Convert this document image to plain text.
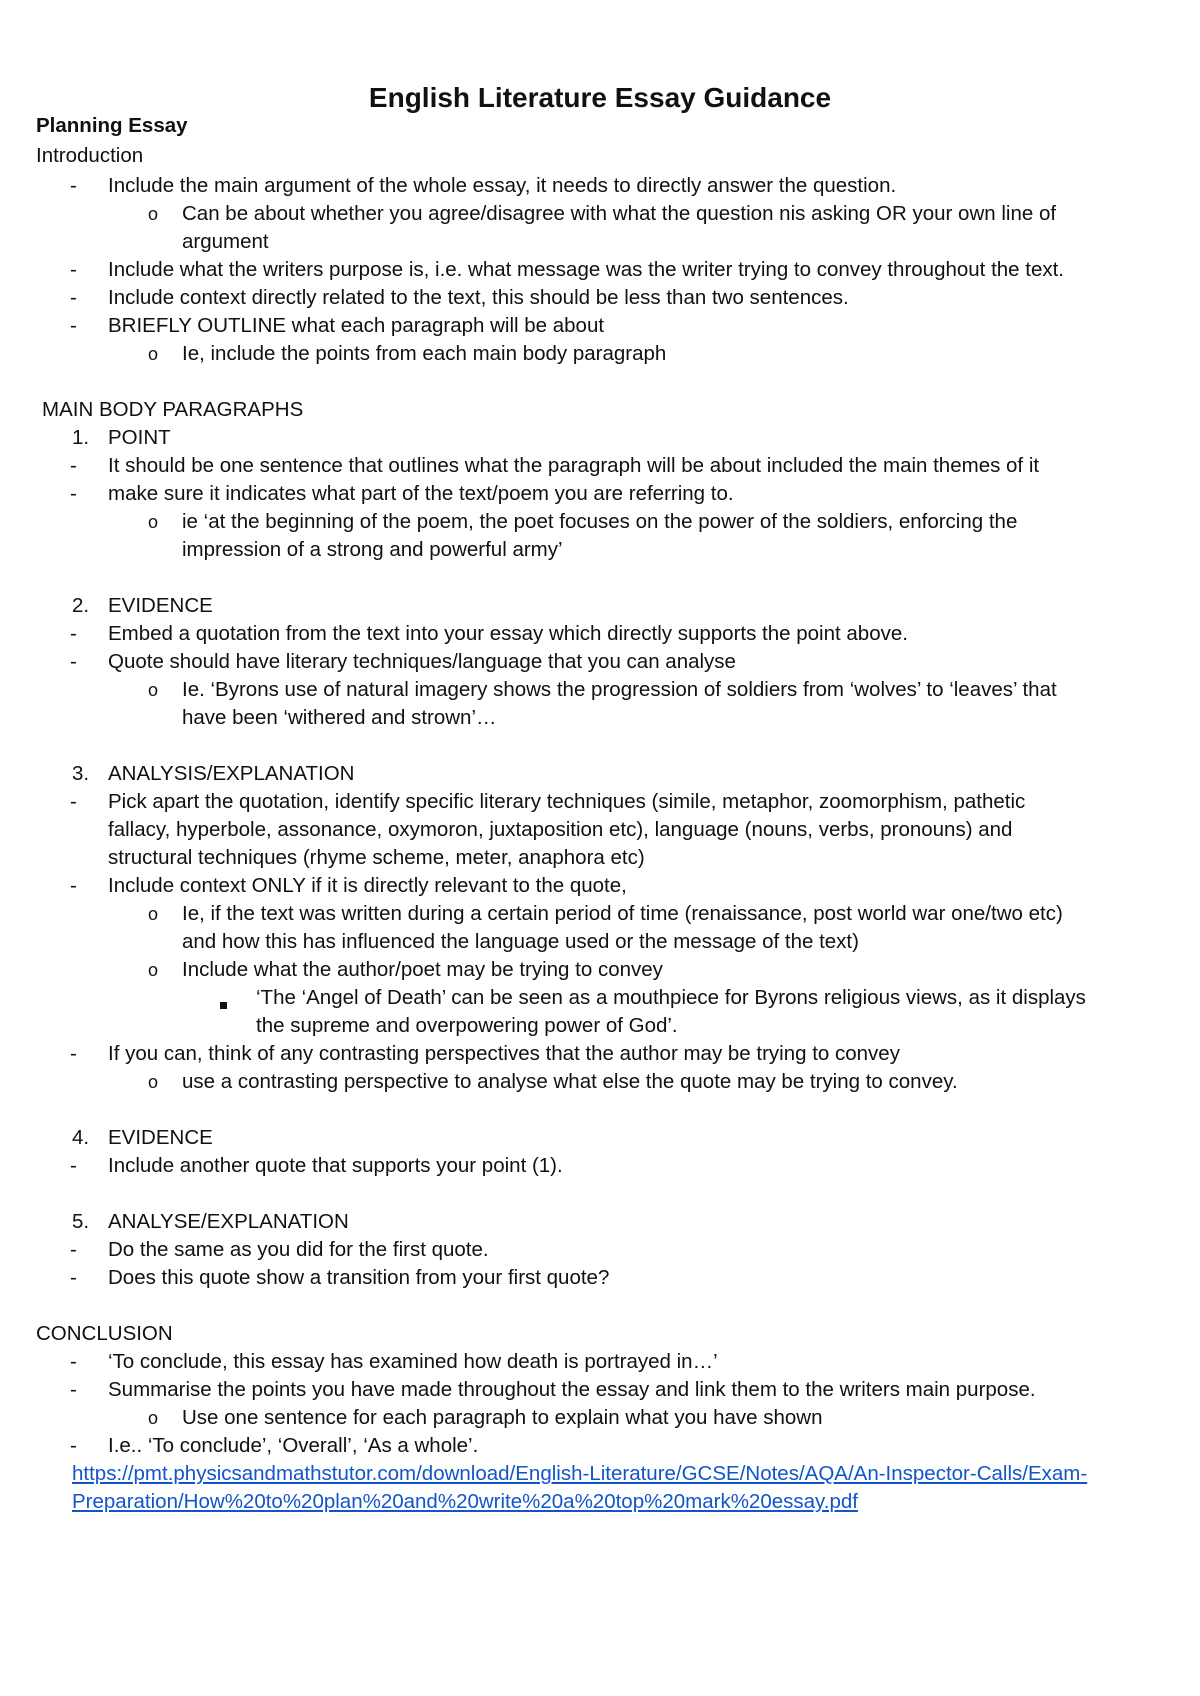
English Literature Essay Guidance
Planning Essay
Introduction
-	Include the main argument of the whole essay, it needs to directly answer the question.
o Can be about whether you agree/disagree with what the question nis asking OR your own line of
argument
-	Include what the writers purpose is, i.e. what message was the writer trying to convey throughout the text.
-	Include context directly related to the text, this should be less than two sentences.
-	BRIEFLY OUTLINE what each paragraph will be about
o Ie, include the points from each main body paragraph
MAIN BODY PARAGRAPHS
1. POINT
-	It should be one sentence that outlines what the paragraph will be about included the main themes of it
-	make sure it indicates what part of the text/poem you are referring to.
o ie ‘at the beginning of the poem, the poet focuses on the power of the soldiers, enforcing the
impression of a strong and powerful army’
2. EVIDENCE
-	Embed a quotation from the text into your essay which directly supports the point above.
-	Quote should have literary techniques/language that you can analyse
o Ie. ‘Byrons use of natural imagery shows the progression of soldiers from ‘wolves’ to ‘leaves’ that
have been ‘withered and strown’…
3. ANALYSIS/EXPLANATION
-	Pick apart the quotation, identify specific literary techniques (simile, metaphor, zoomorphism, pathetic
fallacy, hyperbole, assonance, oxymoron, juxtaposition etc), language (nouns, verbs, pronouns) and
structural techniques (rhyme scheme, meter, anaphora etc)
-	Include context ONLY if it is directly relevant to the quote,
o Ie, if the text was written during a certain period of time (renaissance, post world war one/two etc)
and how this has influenced the language used or the message of the text)
o Include what the author/poet may be trying to convey
‘The ‘Angel of Death’ can be seen as a mouthpiece for Byrons religious views, as it displays
the supreme and overpowering power of God’.
-	If you can, think of any contrasting perspectives that the author may be trying to convey
o use a contrasting perspective to analyse what else the quote may be trying to convey.
4. EVIDENCE
-	Include another quote that supports your point (1).
5. ANALYSE/EXPLANATION
-	Do the same as you did for the first quote.
-	Does this quote show a transition from your first quote?
CONCLUSION
-	‘To conclude, this essay has examined how death is portrayed in…’
-	Summarise the points you have made throughout the essay and link them to the writers main purpose.
o Use one sentence for each paragraph to explain what you have shown
-	I.e.. ‘To conclude’, ‘Overall’, ‘As a whole’.
https://pmt.physicsandmathstutor.com/download/English-Literature/GCSE/Notes/AQA/An-Inspector-Calls/Exam-
Preparation/How%20to%20plan%20and%20write%20a%20top%20mark%20essay.pdf
